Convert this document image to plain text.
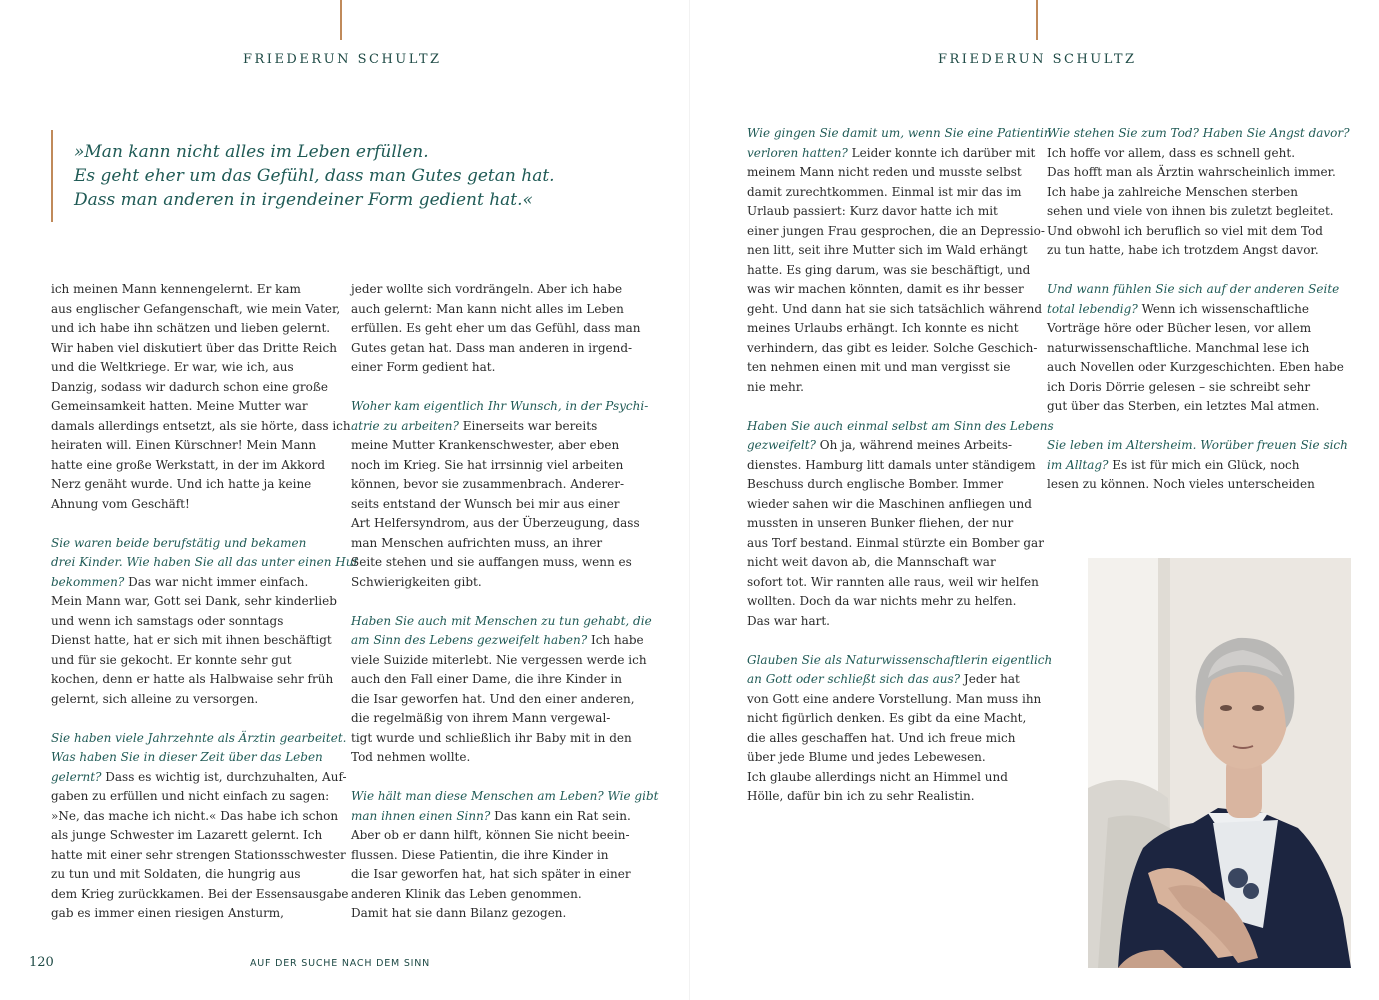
FRIEDERUN SCHULTZ
»Man kann nicht alles im Leben erfüllen.
Es geht eher um das Gefühl, dass man Gutes getan hat.
Dass man anderen in irgendeiner Form gedient hat.«

ich meinen Mann kennengelernt. Er kam
aus englischer Gefangenschaft, wie mein Vater,
und ich habe ihn schätzen und lieben gelernt.
Wir haben viel diskutiert über das Dritte Reich
und die Weltkriege. Er war, wie ich, aus
Danzig, sodass wir dadurch schon eine große
Gemeinsamkeit hatten. Meine Mutter war
damals allerdings entsetzt, als sie hörte, dass ich
heiraten will. Einen Kürschner! Mein Mann
hatte eine große Werkstatt, in der im Akkord
Nerz genäht wurde. Und ich hatte ja keine
Ahnung vom Geschäft!

Sie waren beide berufstätig und bekamen
drei Kinder. Wie haben Sie all das unter einen Hut
bekommen? Das war nicht immer einfach.
Mein Mann war, Gott sei Dank, sehr kinderlieb
und wenn ich samstags oder sonntags
Dienst hatte, hat er sich mit ihnen beschäftigt
und für sie gekocht. Er konnte sehr gut
kochen, denn er hatte als Halbwaise sehr früh
gelernt, sich alleine zu versorgen.

Sie haben viele Jahrzehnte als Ärztin gearbeitet.
Was haben Sie in dieser Zeit über das Leben
gelernt? Dass es wichtig ist, durchzuhalten, Auf-
gaben zu erfüllen und nicht einfach zu sagen:
»Ne, das mache ich nicht.« Das habe ich schon
als junge Schwester im Lazarett gelernt. Ich
hatte mit einer sehr strengen Stationsschwester
zu tun und mit Soldaten, die hungrig aus
dem Krieg zurückkamen. Bei der Essensausgabe
gab es immer einen riesigen Ansturm,

jeder wollte sich vordrängeln. Aber ich habe
auch gelernt: Man kann nicht alles im Leben
erfüllen. Es geht eher um das Gefühl, dass man
Gutes getan hat. Dass man anderen in irgend-
einer Form gedient hat.

Woher kam eigentlich Ihr Wunsch, in der Psychi-
atrie zu arbeiten? Einerseits war bereits
meine Mutter Krankenschwester, aber eben
noch im Krieg. Sie hat irrsinnig viel arbeiten
können, bevor sie zusammenbrach. Anderer-
seits entstand der Wunsch bei mir aus einer
Art Helfersyndrom, aus der Überzeugung, dass
man Menschen aufrichten muss, an ihrer
Seite stehen und sie auffangen muss, wenn es
Schwierigkeiten gibt.

Haben Sie auch mit Menschen zu tun gehabt, die
am Sinn des Lebens gezweifelt haben? Ich habe
viele Suizide miterlebt. Nie vergessen werde ich
auch den Fall einer Dame, die ihre Kinder in
die Isar geworfen hat. Und den einer anderen,
die regelmäßig von ihrem Mann vergewal-
tigt wurde und schließlich ihr Baby mit in den
Tod nehmen wollte.

Wie hält man diese Menschen am Leben? Wie gibt
man ihnen einen Sinn? Das kann ein Rat sein.
Aber ob er dann hilft, können Sie nicht beein-
flussen. Diese Patientin, die ihre Kinder in
die Isar geworfen hat, hat sich später in einer
anderen Klinik das Leben genommen.
Damit hat sie dann Bilanz gezogen.

120	AUF DER SUCHE NACH DEM SINN
FRIEDERUN SCHULTZ

Wie gingen Sie damit um, wenn Sie eine Patientin
verloren hatten? Leider konnte ich darüber mit
meinem Mann nicht reden und musste selbst
damit zurechtkommen. Einmal ist mir das im
Urlaub passiert: Kurz davor hatte ich mit
einer jungen Frau gesprochen, die an Depressio-
nen litt, seit ihre Mutter sich im Wald erhängt
hatte. Es ging darum, was sie beschäftigt, und
was wir machen könnten, damit es ihr besser
geht. Und dann hat sie sich tatsächlich während
meines Urlaubs erhängt. Ich konnte es nicht
verhindern, das gibt es leider. Solche Geschich-
ten nehmen einen mit und man vergisst sie
nie mehr.

Haben Sie auch einmal selbst am Sinn des Lebens
gezweifelt? Oh ja, während meines Arbeits-
dienstes. Hamburg litt damals unter ständigem
Beschuss durch englische Bomber. Immer
wieder sahen wir die Maschinen anfliegen und
mussten in unseren Bunker fliehen, der nur
aus Torf bestand. Einmal stürzte ein Bomber gar
nicht weit davon ab, die Mannschaft war
sofort tot. Wir rannten alle raus, weil wir helfen
wollten. Doch da war nichts mehr zu helfen.
Das war hart.

Glauben Sie als Naturwissenschaftlerin eigentlich
an Gott oder schließt sich das aus? Jeder hat
von Gott eine andere Vorstellung. Man muss ihn
nicht figürlich denken. Es gibt da eine Macht,
die alles geschaffen hat. Und ich freue mich
über jede Blume und jedes Lebewesen.
Ich glaube allerdings nicht an Himmel und
Hölle, dafür bin ich zu sehr Realistin.

Wie stehen Sie zum Tod? Haben Sie Angst davor?
Ich hoffe vor allem, dass es schnell geht.
Das hofft man als Ärztin wahrscheinlich immer.
Ich habe ja zahlreiche Menschen sterben
sehen und viele von ihnen bis zuletzt begleitet.
Und obwohl ich beruflich so viel mit dem Tod
zu tun hatte, habe ich trotzdem Angst davor.

Und wann fühlen Sie sich auf der anderen Seite
total lebendig? Wenn ich wissenschaftliche
Vorträge höre oder Bücher lesen, vor allem
naturwissenschaftliche. Manchmal lese ich
auch Novellen oder Kurzgeschichten. Eben habe
ich Doris Dörrie gelesen – sie schreibt sehr
gut über das Sterben, ein letztes Mal atmen.

Sie leben im Altersheim. Worüber freuen Sie sich
im Alltag? Es ist für mich ein Glück, noch
lesen zu können. Noch vieles unterscheiden
